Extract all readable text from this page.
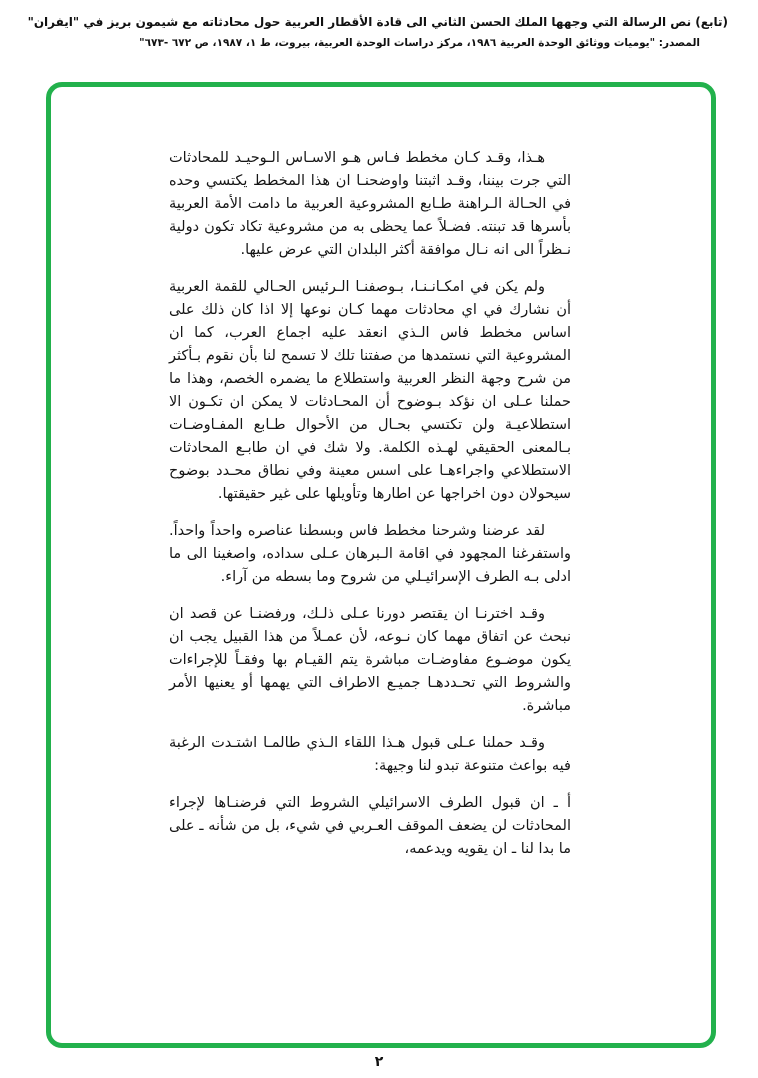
(تابع) نص الرسالة التي وجهها الملك الحسن الثاني الى قادة الأقطار العربية حول محادثاته مع شيمون بريز في "ايفران"
المصدر: "يوميات ووثائق الوحدة العربية ١٩٨٦، مركز دراسات الوحدة العربية، بيروت، ط ١، ١٩٨٧، ص ٦٧٢ -٦٧٣"

هـذا، وقـد كـان مخطط فـاس هـو الاسـاس الـوحيـد للمحادثات التي جرت بيننا، وقـد اثبتنا واوضحنـا ان هذا المخطط يكتسي وحده في الحـالة الـراهنة طـابع المشروعية العربية ما دامت الأمة العربية بأسرها قد تبنته. فضـلاً عما يحظى به من مشروعية تكاد تكون دولية نـظراً الى انه نـال موافقة أكثر البلدان التي عرض عليها.

ولم يكن في امكـانـنـا، بـوصفنـا الـرئيس الحـالي للقمة العربية أن نشارك في اي محادثات مهما كـان نوعها إلا اذا كان ذلك على اساس مخطط فاس الـذي انعقد عليه اجماع العرب، كما ان المشروعية التي نستمدها من صفتنا تلك لا تسمح لنا بأن نقوم بـأكثر من شرح وجهة النظر العربية واستطلاع ما يضمره الخصم، وهذا ما حملنا عـلى ان نؤكد بـوضوح أن المحـادثات لا يمكن ان تكـون الا استطلاعيـة ولن تكتسي بحـال من الأحوال طـابع المفـاوضـات بـالمعنى الحقيقي لهـذه الكلمة. ولا شك في ان طابـع المحادثات الاستطلاعي واجراءهـا على اسس معينة وفي نطاق محـدد بوضوح سيحولان دون اخراجها عن اطارها وتأويلها على غير حقيقتها.

لقد عرضنا وشرحنا مخطط فاس وبسطنا عناصره واحداً واحداً. واستفرغنا المجهود في اقامة الـبرهان عـلى سداده، واصغينا الى ما ادلى بـه الطرف الإسرائيـلي من شروح وما بسطه من آراء.

وقـد اخترنـا ان يقتصر دورنا عـلى ذلـك، ورفضنـا عن قصد ان نبحث عن اتفاق مهما كان نـوعه، لأن عمـلاً من هذا القبيل يجب ان يكون موضـوع مفاوضـات مباشرة يتم القيـام بها وفقـاً للإجراءات والشروط التي تحـددهـا جميـع الاطراف التي يهمها أو يعنيها الأمر مباشرة.

وقـد حملنا عـلى قبول هـذا اللقاء الـذي طالمـا اشتـدت الرغبة فيه بواعث متنوعة تبدو لنا وجيهة:

أ ـ ان قبول الطرف الاسرائيلي الشروط التي فرضنـاها لإجراء المحادثات لن يضعف الموقف العـربي في شيء، بل من شأنه ـ على ما بدا لنا ـ ان يقويه ويدعمه،

٢
